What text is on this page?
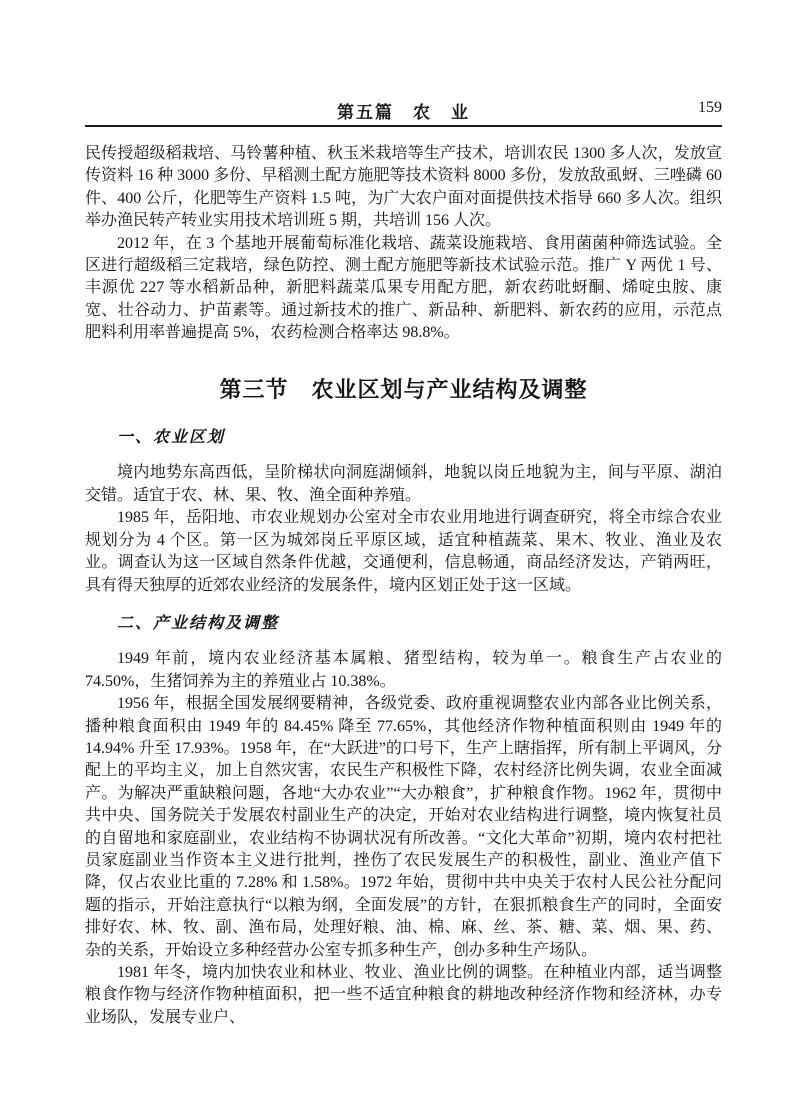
第五篇　农　业	159

民传授超级稻栽培、马铃薯种植、秋玉米栽培等生产技术，培训农民 1300 多人次，发放宣传资料 16 种 3000 多份、早稻测土配方施肥等技术资料 8000 多份，发放敌虱蚜、三唑磷 60 件、400 公斤，化肥等生产资料 1.5 吨，为广大农户面对面提供技术指导 660 多人次。组织举办渔民转产转业实用技术培训班 5 期，共培训 156 人次。

2012 年，在 3 个基地开展葡萄标准化栽培、蔬菜设施栽培、食用菌菌种筛选试验。全区进行超级稻三定栽培，绿色防控、测土配方施肥等新技术试验示范。推广 Y 两优 1 号、丰源优 227 等水稻新品种，新肥料蔬菜瓜果专用配方肥，新农药吡蚜酮、烯啶虫胺、康宽、壮谷动力、护苗素等。通过新技术的推广、新品种、新肥料、新农药的应用，示范点肥料利用率普遍提高 5%，农药检测合格率达 98.8%。

第三节　农业区划与产业结构及调整
一、农业区划

境内地势东高西低，呈阶梯状向洞庭湖倾斜，地貌以岗丘地貌为主，间与平原、湖泊交错。适宜于农、林、果、牧、渔全面种养殖。

1985 年，岳阳地、市农业规划办公室对全市农业用地进行调查研究，将全市综合农业规划分为 4 个区。第一区为城郊岗丘平原区域，适宜种植蔬菜、果木、牧业、渔业及农业。调查认为这一区域自然条件优越，交通便利，信息畅通，商品经济发达，产销两旺，具有得天独厚的近郊农业经济的发展条件，境内区划正处于这一区域。

二、产业结构及调整

1949 年前，境内农业经济基本属粮、猪型结构，较为单一。粮食生产占农业的 74.50%，生猪饲养为主的养殖业占 10.38%。

1956 年，根据全国发展纲要精神，各级党委、政府重视调整农业内部各业比例关系，播种粮食面积由 1949 年的 84.45% 降至 77.65%，其他经济作物种植面积则由 1949 年的 14.94% 升至 17.93%。1958 年，在“大跃进”的口号下，生产上瞎指挥，所有制上平调风，分配上的平均主义，加上自然灾害，农民生产积极性下降，农村经济比例失调，农业全面减产。为解决严重缺粮问题，各地“大办农业”“大办粮食”，扩种粮食作物。1962 年，贯彻中共中央、国务院关于发展农村副业生产的决定，开始对农业结构进行调整，境内恢复社员的自留地和家庭副业，农业结构不协调状况有所改善。“文化大革命”初期，境内农村把社员家庭副业当作资本主义进行批判，挫伤了农民发展生产的积极性，副业、渔业产值下降，仅占农业比重的 7.28% 和 1.58%。1972 年始，贯彻中共中央关于农村人民公社分配问题的指示，开始注意执行“以粮为纲，全面发展”的方针，在狠抓粮食生产的同时，全面安排好农、林、牧、副、渔布局，处理好粮、油、棉、麻、丝、茶、糖、菜、烟、果、药、杂的关系，开始设立多种经营办公室专抓多种生产，创办多种生产场队。

1981 年冬，境内加快农业和林业、牧业、渔业比例的调整。在种植业内部，适当调整粮食作物与经济作物种植面积，把一些不适宜种粮食的耕地改种经济作物和经济林，办专业场队，发展专业户、
